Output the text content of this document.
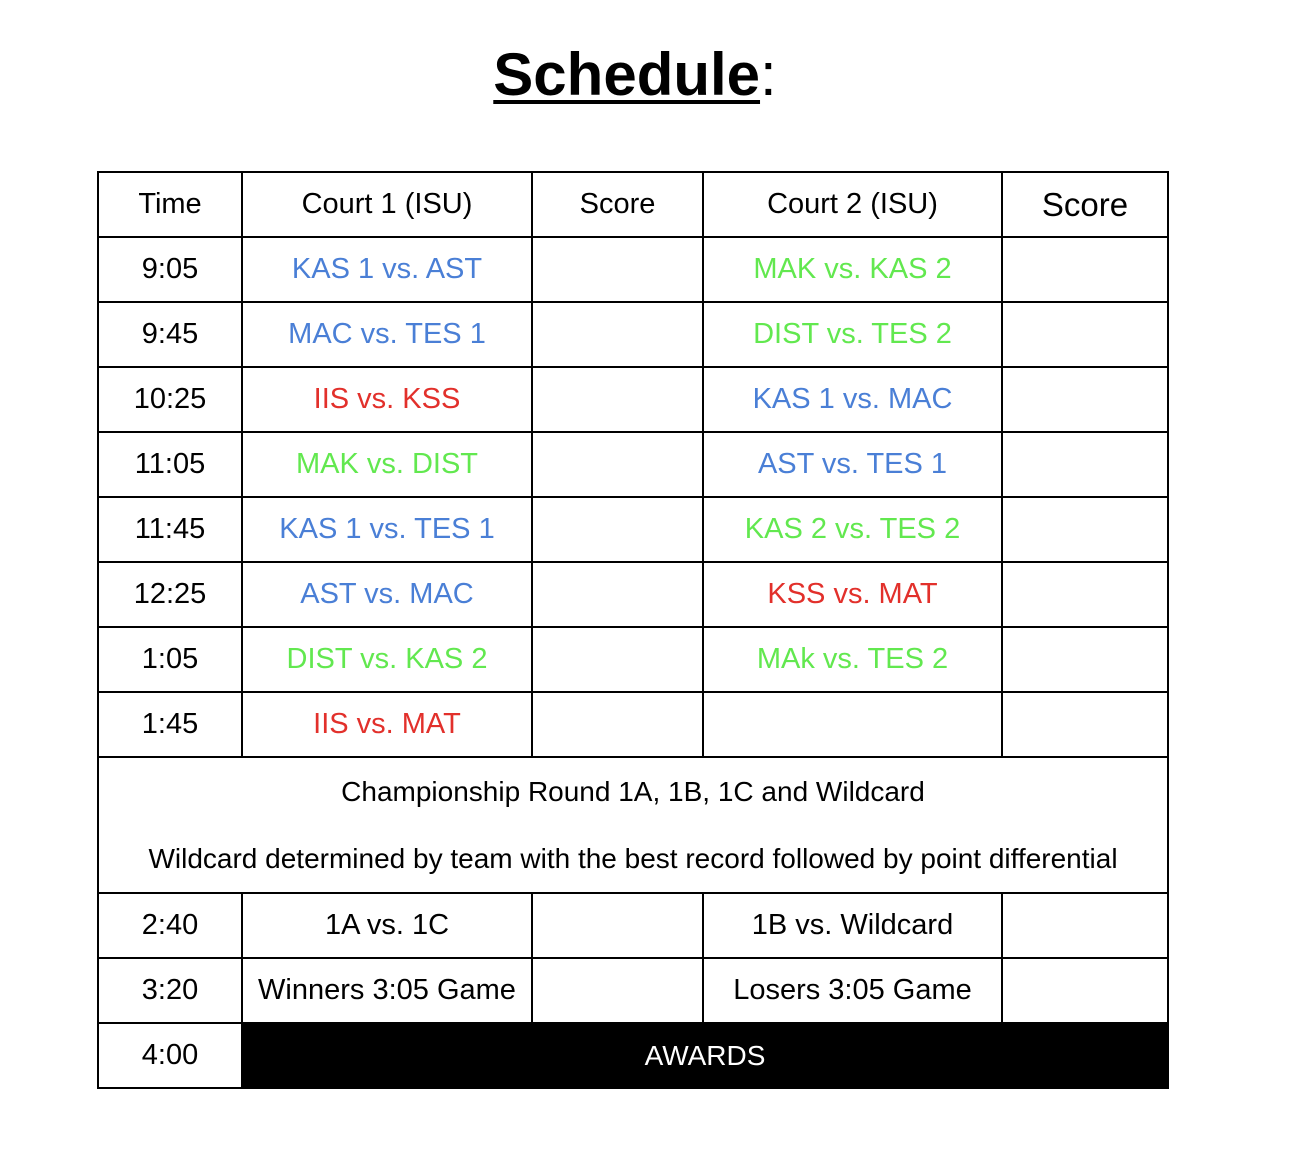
Schedule:
Time	Court 1 (ISU)	Score	Court 2 (ISU)	Score
9:05	KAS 1 vs. AST		MAK vs. KAS 2	
9:45	MAC vs. TES 1		DIST vs. TES 2	
10:25	IIS vs. KSS		KAS 1 vs. MAC	
11:05	MAK vs. DIST		AST vs. TES 1	
11:45	KAS 1 vs. TES 1		KAS 2 vs. TES 2	
12:25	AST vs. MAC		KSS vs. MAT	
1:05	DIST vs. KAS 2		MAk vs. TES 2	
1:45	IIS vs. MAT			

Championship Round 1A, 1B, 1C and Wildcard
Wildcard determined by team with the best record followed by point differential				

2:40	1A vs. 1C		1B vs. Wildcard	
3:20	Winners 3:05 Game		Losers 3:05 Game	
4:00	AWARDS			
